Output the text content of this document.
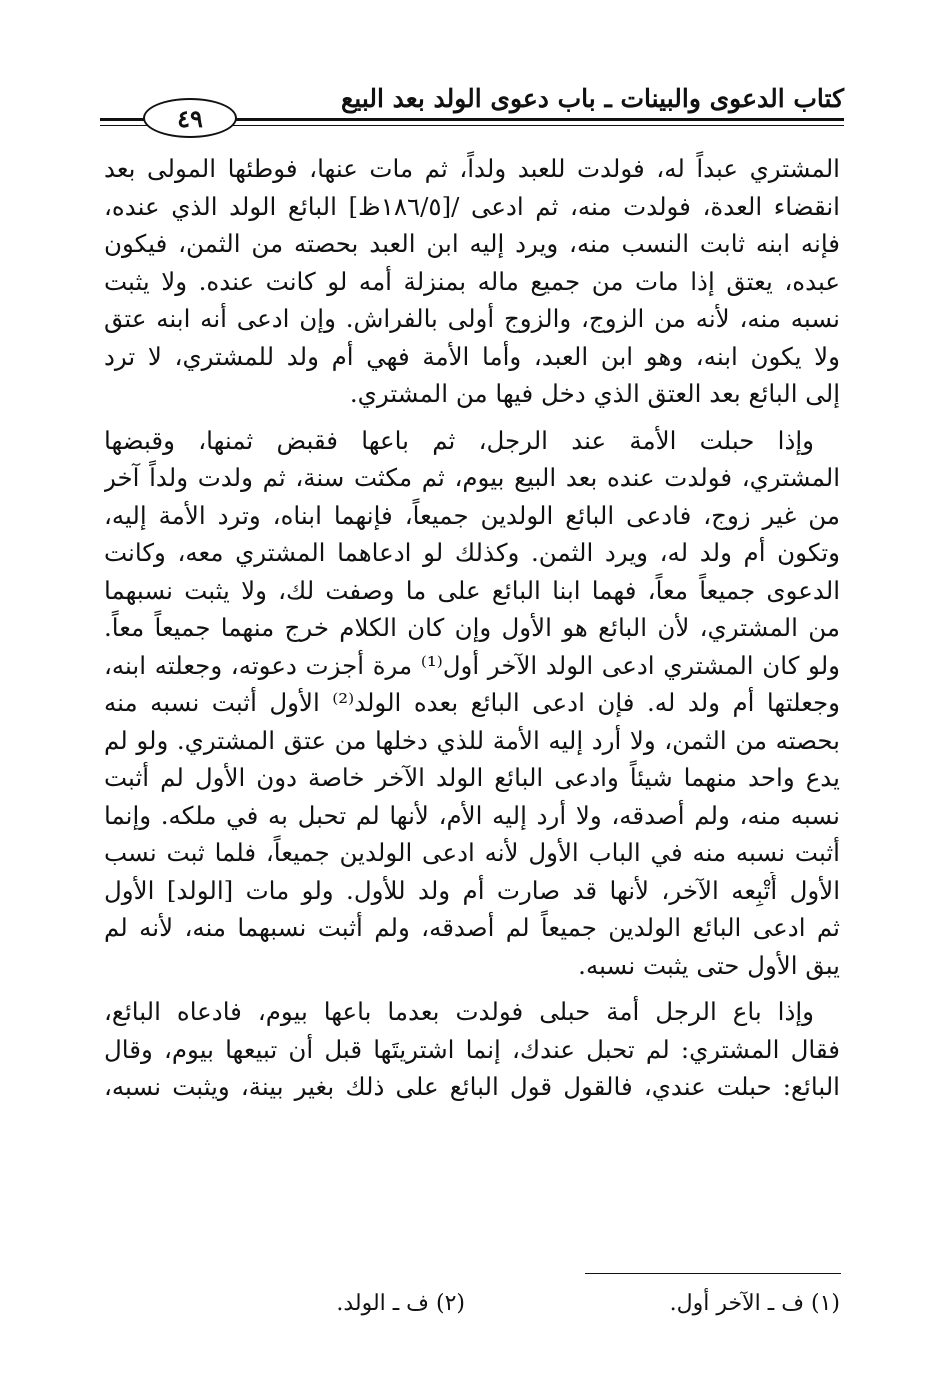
كتاب الدعوى والبينات ـ باب دعوى الولد بعد البيع
٤٩
المشتري عبداً له، فولدت للعبد ولداً، ثم مات عنها، فوطئها المولى بعد
انقضاء العدة، فولدت منه، ثم ادعى /[١٨٦/٥ظ] البائع الولد الذي عنده،
فإنه ابنه ثابت النسب منه، ويرد إليه ابن العبد بحصته من الثمن، فيكون
عبده، يعتق إذا مات من جميع ماله بمنزلة أمه لو كانت عنده. ولا يثبت
نسبه منه، لأنه من الزوج، والزوج أولى بالفراش. وإن ادعى أنه ابنه عتق
ولا يكون ابنه، وهو ابن العبد، وأما الأمة فهي أم ولد للمشتري، لا ترد
إلى البائع بعد العتق الذي دخل فيها من المشتري.
وإذا حبلت الأمة عند الرجل، ثم باعها فقبض ثمنها، وقبضها
المشتري، فولدت عنده بعد البيع بيوم، ثم مكثت سنة، ثم ولدت ولداً آخر
من غير زوج، فادعى البائع الولدين جميعاً، فإنهما ابناه، وترد الأمة إليه،
وتكون أم ولد له، ويرد الثمن. وكذلك لو ادعاهما المشتري معه، وكانت
الدعوى جميعاً معاً، فهما ابنا البائع على ما وصفت لك، ولا يثبت نسبهما
من المشتري، لأن البائع هو الأول وإن كان الكلام خرج منهما جميعاً معاً.
ولو كان المشتري ادعى الولد الآخر أول⁽¹⁾ مرة أجزت دعوته، وجعلته ابنه،
وجعلتها أم ولد له. فإن ادعى البائع بعده الولد⁽²⁾ الأول أثبت نسبه منه
بحصته من الثمن، ولا أرد إليه الأمة للذي دخلها من عتق المشتري. ولو لم
يدع واحد منهما شيئاً وادعى البائع الولد الآخر خاصة دون الأول لم أثبت
نسبه منه، ولم أصدقه، ولا أرد إليه الأم، لأنها لم تحبل به في ملكه. وإنما
أثبت نسبه منه في الباب الأول لأنه ادعى الولدين جميعاً، فلما ثبت نسب
الأول أُتْبِعه الآخر، لأنها قد صارت أم ولد للأول. ولو مات [الولد] الأول
ثم ادعى البائع الولدين جميعاً لم أصدقه، ولم أثبت نسبهما منه، لأنه لم
يبق الأول حتى يثبت نسبه.
وإذا باع الرجل أمة حبلى فولدت بعدما باعها بيوم، فادعاه البائع،
فقال المشتري: لم تحبل عندك، إنما اشتريتَها قبل أن تبيعها بيوم، وقال
البائع: حبلت عندي، فالقول قول البائع على ذلك بغير بينة، ويثبت نسبه،
(١) ف ـ الآخر أول.
(٢) ف ـ الولد.
